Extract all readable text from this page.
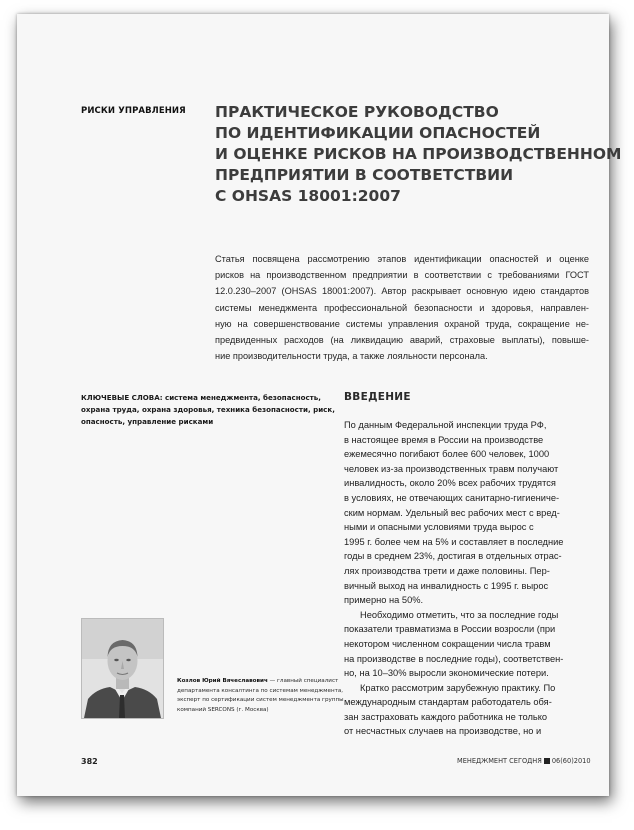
РИСКИ УПРАВЛЕНИЯ ПРАКТИЧЕСКОЕ РУКОВОДСТВО
ПО ИДЕНТИФИКАЦИИ ОПАСНОСТЕЙ
И ОЦЕНКЕ РИСКОВ НА ПРОИЗВОДСТВЕННОМ
ПРЕДПРИЯТИИ В СООТВЕТСТВИИ
С OHSAS 18001:2007
Статья посвящена рассмотрению этапов идентификации опасностей и оценке
рисков на производственном предприятии в соответствии с требованиями ГОСТ
12.0.230–2007 (OHSAS 18001:2007). Автор раскрывает основную идею стандартов
системы менеджмента профессиональной безопасности и здоровья, направлен-
ную на совершенствование системы управления охраной труда, сокращение не-
предвиденных расходов (на ликвидацию аварий, страховые выплаты), повыше-
ние производительности труда, а также лояльности персонала.
КЛЮЧЕВЫЕ СЛОВА: система менеджмента, безопасность,
охрана труда, охрана здоровья, техника безопасности, риск,
опасность, управление рисками
ВВЕДЕНИЕ
По данным Федеральной инспекции труда РФ,
в настоящее время в России на производстве
ежемесячно погибают более 600 человек, 1000
человек из-за производственных травм получают
инвалидность, около 20% всех рабочих трудятся
в условиях, не отвечающих санитарно-гигиениче-
ским нормам. Удельный вес рабочих мест с вред-
ными и опасными условиями труда вырос с
1995 г. более чем на 5% и составляет в последние
годы в среднем 23%, достигая в отдельных отрас-
лях производства трети и даже половины. Пер-
вичный выход на инвалидность с 1995 г. вырос
примерно на 50%.
Необходимо отметить, что за последние годы
показатели травматизма в России возросли (при
некотором численном сокращении числа травм
на производстве в последние годы), соответствен-
но, на 10–30% выросли экономические потери.
Кратко рассмотрим зарубежную практику. По
международным стандартам работодатель обя-
зан застраховать каждого работника не только
от несчастных случаев на производстве, но и
Козлов Юрий Вячеславович — главный специалист
департамента консалтинга по системам менеджмента,
эксперт по сертификации систем менеджмента группы
компаний SERCONS (г. Москва)
382	МЕНЕДЖМЕНТ СЕГОДНЯ 06(60)2010
